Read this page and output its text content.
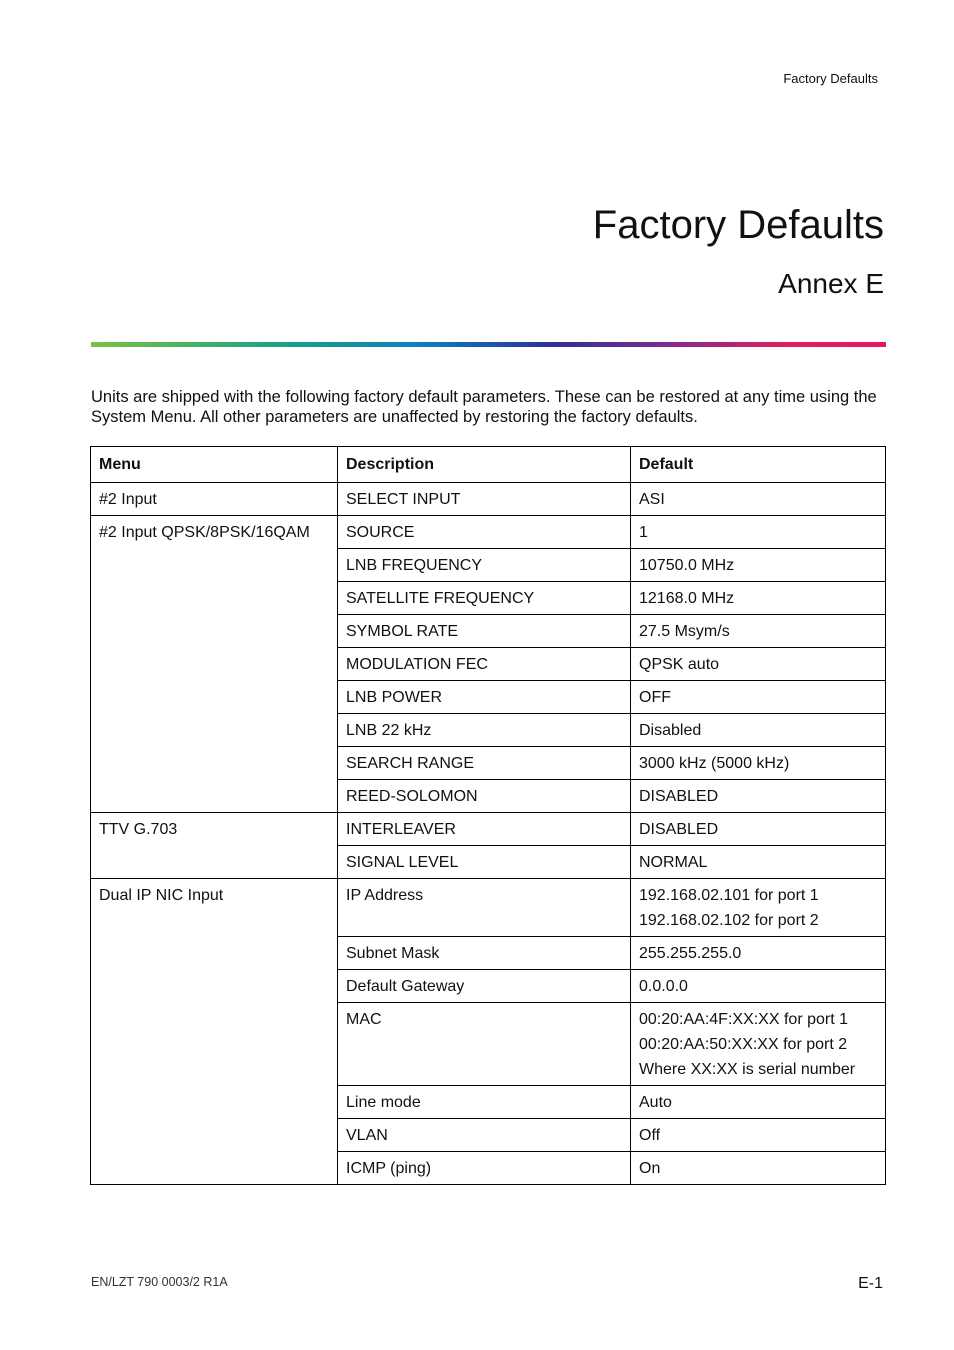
Factory Defaults
Factory Defaults
Annex E

Units are shipped with the following factory default parameters. These can be restored at any time using the System Menu. All other parameters are unaffected by restoring the factory defaults.

Menu	Description	Default
#2 Input	SELECT INPUT	ASI

#2 Input QPSK/8PSK/16QAM	SOURCE	1

	LNB FREQUENCY	10750.0 MHz

	SATELLITE FREQUENCY	12168.0 MHz

	SYMBOL RATE	27.5 Msym/s

	MODULATION FEC	QPSK auto

	LNB POWER	OFF

	LNB 22 kHz	Disabled

	SEARCH RANGE	3000 kHz (5000 kHz)

	REED-SOLOMON	DISABLED

TTV G.703	INTERLEAVER	DISABLED

	SIGNAL LEVEL	NORMAL

Dual IP NIC Input	IP Address	192.168.02.101 for port 1
192.168.02.102 for port 2

	Subnet Mask	255.255.255.0

	Default Gateway	0.0.0.0

	MAC	00:20:AA:4F:XX:XX for port 1
00:20:AA:50:XX:XX for port 2
Where XX:XX is serial number

	Line mode	Auto

	VLAN	Off

	ICMP (ping)	On
EN/LZT 790 0003/2 R1A	E-1
